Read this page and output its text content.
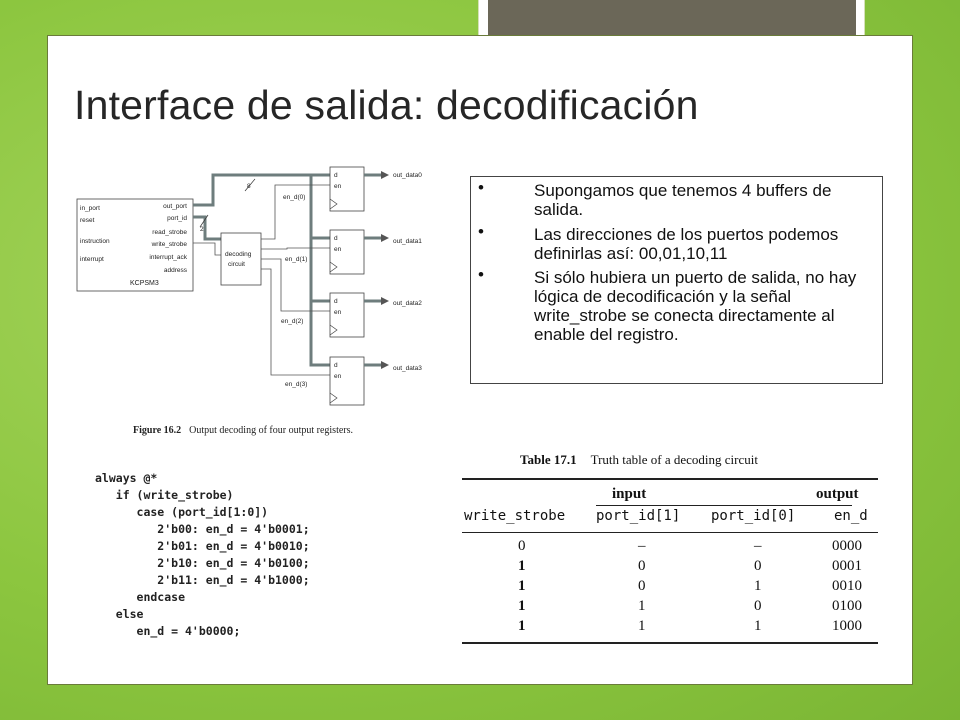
Interface de salida: decodificación
in_port
reset
instruction
interrupt
out_port
port_id
read_strobe
write_strobe
interrupt_ack
address
KCPSM3
8
2
decoding
circuit
en_d(0)
en_d(1)
en_d(2)
en_d(3)
d
en
out_data0
d
en
out_data1
d
en
out_data2
d
en
out_data3
Figure 16.2 Output decoding of four output registers.
•	Supongamos que tenemos 4 buffers de salida.
•	Las direcciones de los puertos podemos definirlas así: 00,01,10,11
•	Si sólo hubiera un puerto de salida, no hay lógica de decodificación y la señal write_strobe se conecta directamente al enable del registro.
always @*
if (write_strobe)
case (port_id[1:0])
2'b00: en_d = 4'b0001;
2'b01: en_d = 4'b0010;
2'b10: en_d = 4'b0100;
2'b11: en_d = 4'b1000;
endcase
else
en_d = 4'b0000;
Table 17.1 Truth table of a decoding circuit
input	output
write_strobe port_id[1] port_id[0]	en_d
0	–	–	0000
1	0	0	0001
1	0	1	0010
1	1	0	0100
1	1	1	1000
